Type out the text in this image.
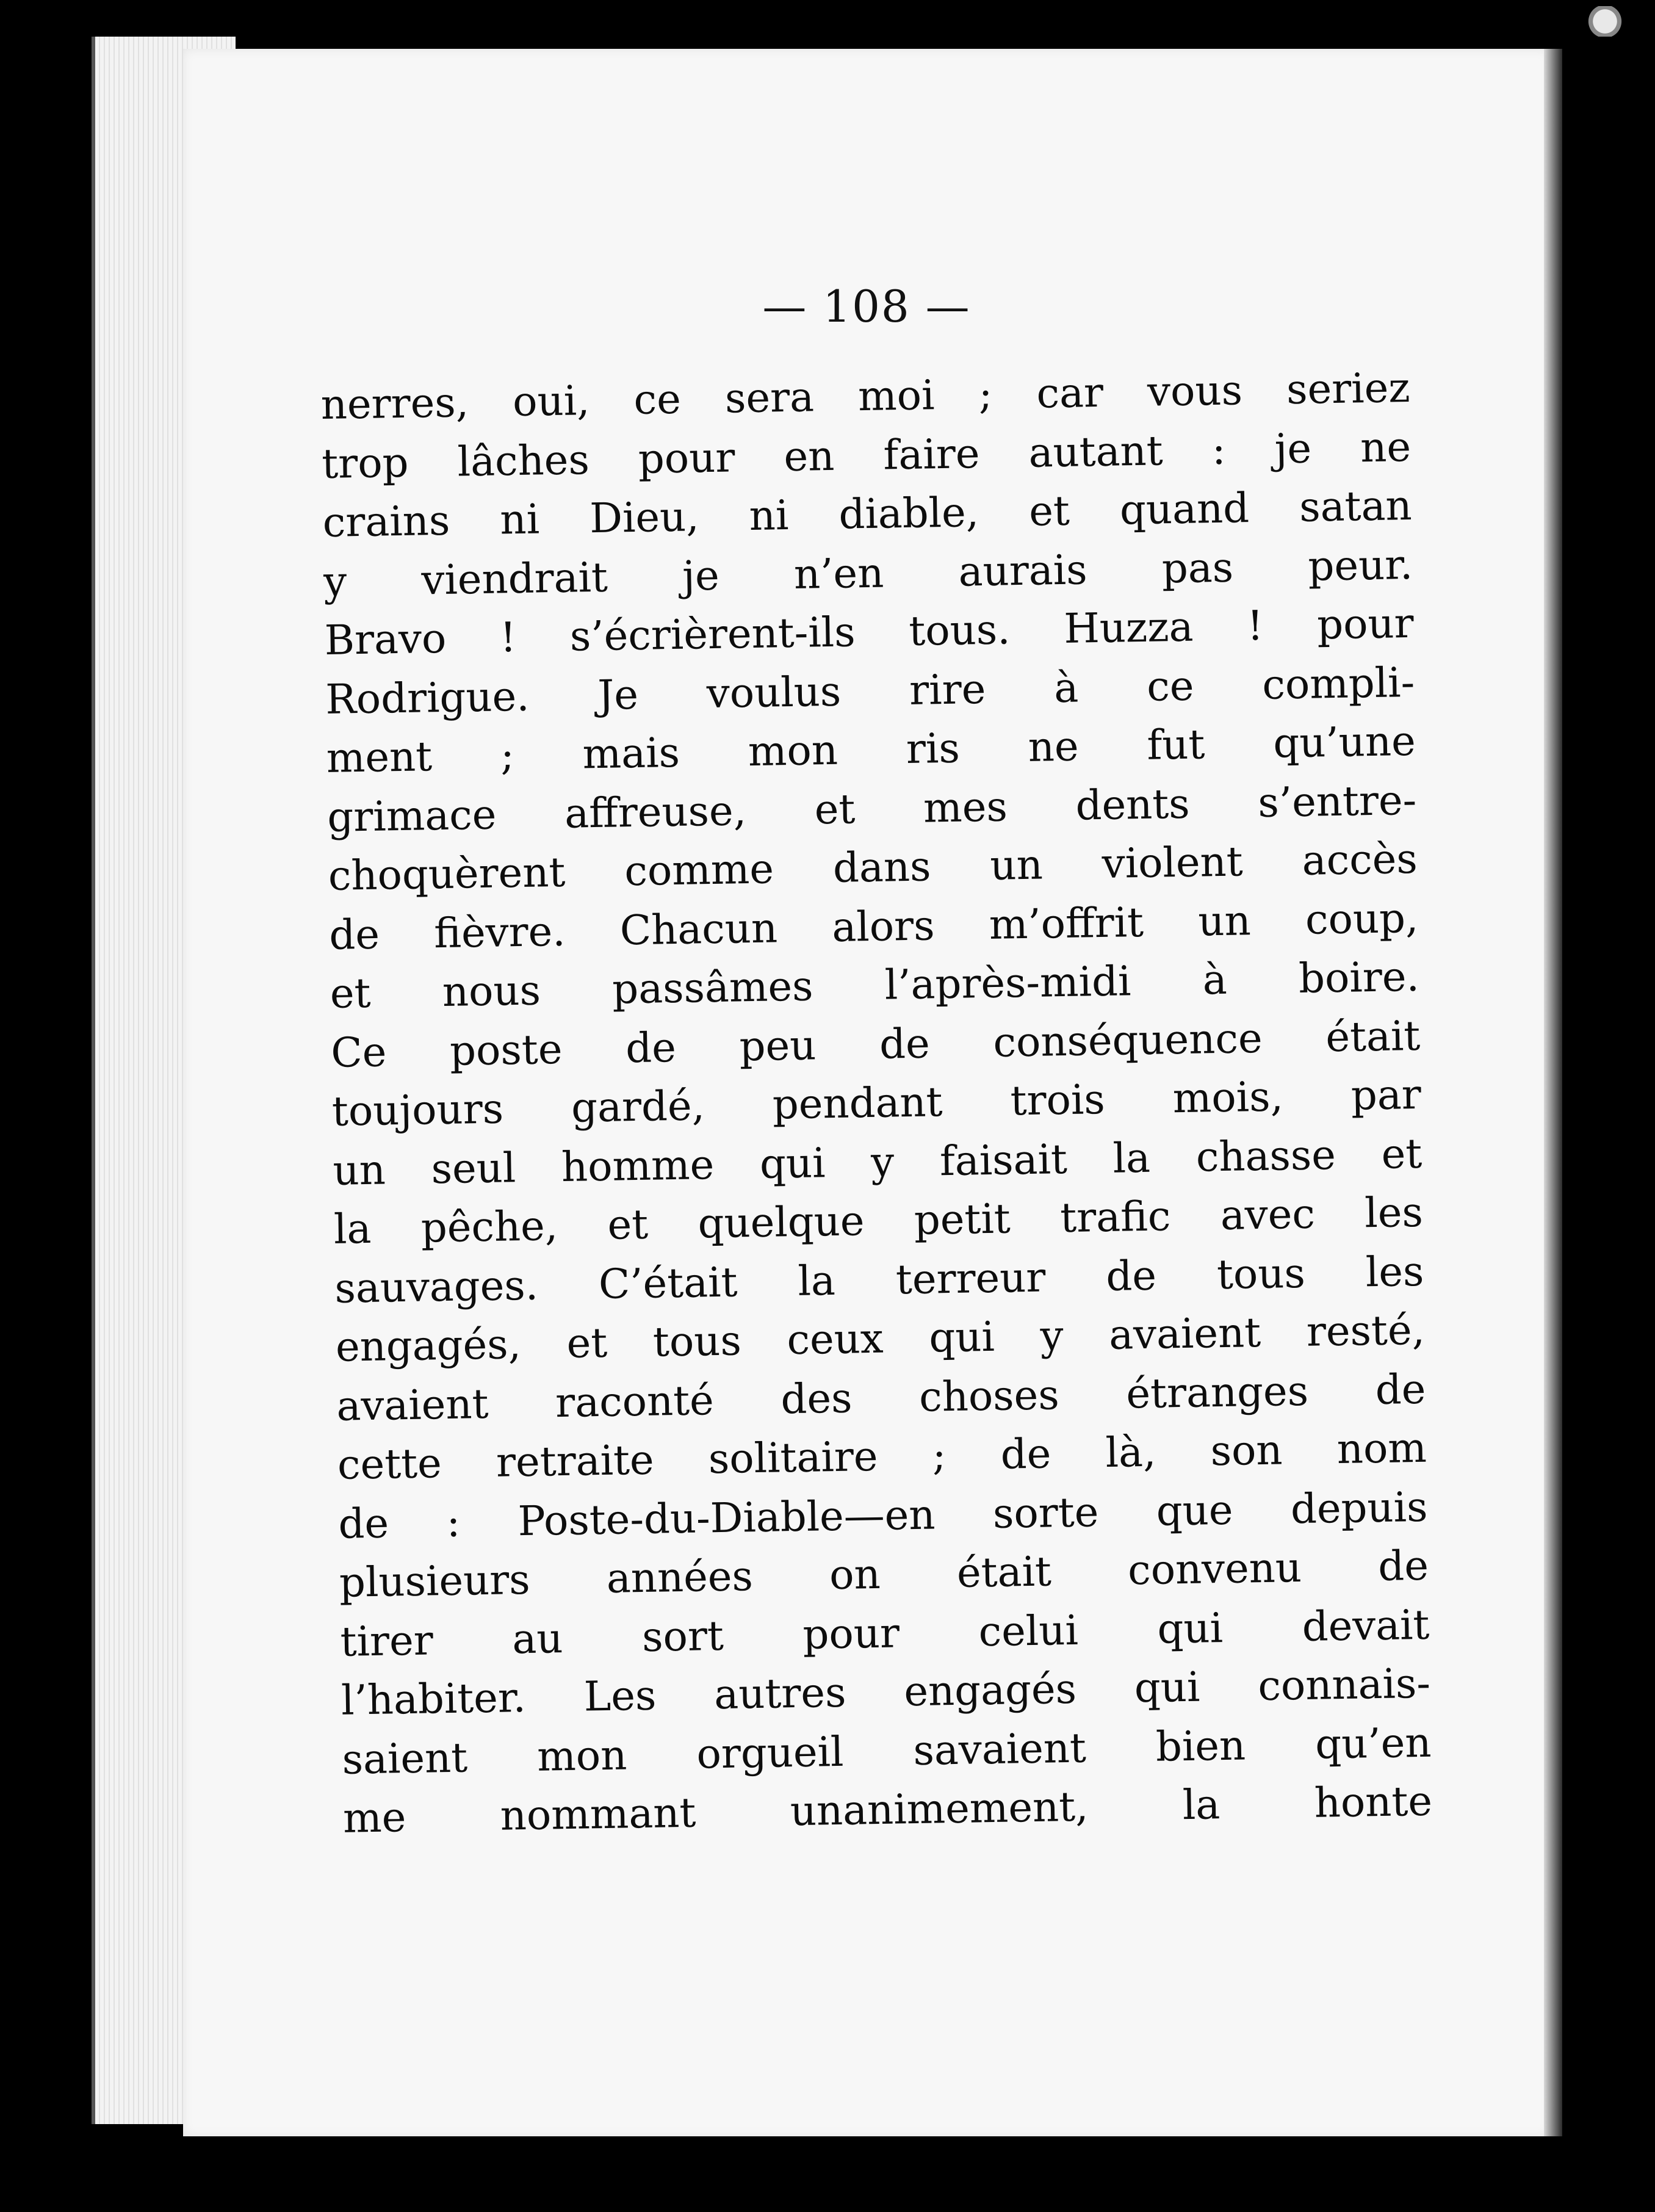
— 108 —
nerres, oui, ce sera moi ; car vous seriez
trop lâches pour en faire autant : je ne
crains ni Dieu, ni diable, et quand satan
y viendrait je n’en aurais pas peur.
Bravo ! s’écrièrent-ils tous. Huzza ! pour
Rodrigue. Je voulus rire à ce compli-
ment ; mais mon ris ne fut qu’une
grimace affreuse, et mes dents s’entre-
choquèrent comme dans un violent accès
de fièvre. Chacun alors m’offrit un coup,
et nous passâmes l’après-midi à boire.
Ce poste de peu de conséquence était
toujours gardé, pendant trois mois, par
un seul homme qui y faisait la chasse et
la pêche, et quelque petit trafic avec les
sauvages. C’était la terreur de tous les
engagés, et tous ceux qui y avaient resté,
avaient raconté des choses étranges de
cette retraite solitaire ; de là, son nom
de : Poste-du-Diable—en sorte que depuis
plusieurs années on était convenu de
tirer au sort pour celui qui devait
l’habiter. Les autres engagés qui connais-
saient mon orgueil savaient bien qu’en
me nommant unanimement, la honte
